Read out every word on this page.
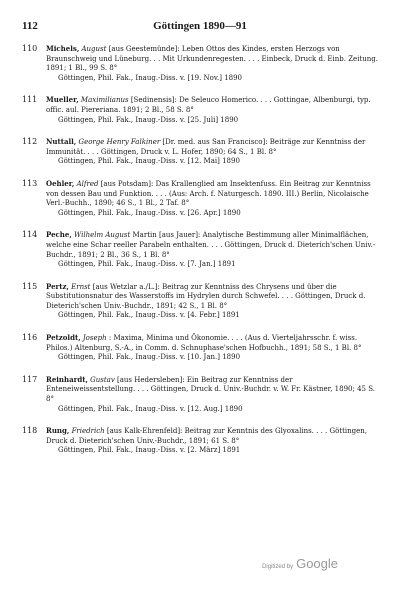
112	Göttingen 1890—91
110	Michels, August [aus Geestemünde]: Leben Ottos des Kindes, ersten Herzogs von Braunschweig und Lüneburg. . . Mit Urkundenregesten. . . . Einbeck, Druck d. Einb. Zeitung. 1891; 1 Bl., 99 S. 8°
Göttingen, Phil. Fak., Inaug.-Diss. v. [19. Nov.] 1890
111	Mueller, Maximilianus [Sedinensis]: De Seleuco Homerico. . . . Gottingae, Albenburgi, typ. offic. aul. Piereriana. 1891; 2 Bl., 58 S. 8°
Göttingen, Phil. Fak., Inaug.-Diss. v. [25. Juli] 1890
112	Nuttall, George Henry Falkiner [Dr. med. aus San Francisco]: Beiträge zur Kenntniss der Immunität. . . . Göttingen, Druck v. L. Hofer, 1890; 64 S., 1 Bl. 8°
Göttingen, Phil. Fak., Inaug.-Diss. v. [12. Mai] 1890
113	Oehler, Alfred [aus Potsdam]: Das Krallenglied am Insektenfuss. Ein Beitrag zur Kenntniss von dessen Bau und Funktion. . . . (Aus: Arch. f. Naturgesch. 1890. III.) Berlin, Nicolaische Verl.-Buchh., 1890; 46 S., 1 Bl., 2 Taf. 8°
Göttingen, Phil. Fak., Inaug.-Diss. v. [26. Apr.] 1890
114	Peche, Wilhelm August Martin [aus Jauer]: Analytische Bestimmung aller Minimalflächen, welche eine Schar reeller Parabeln enthalten. . . . Göttingen, Druck d. Dieterich'schen Univ.-Buchdr., 1891; 2 Bl., 36 S., 1 Bl. 8°
Göttingen, Phil. Fak., Inaug.-Diss. v. [7. Jan.] 1891
115	Pertz, Ernst [aus Wetzlar a./L.]: Beitrag zur Kenntniss des Chrysens und über die Substitutionsnatur des Wasserstoffs im Hydrylen durch Schwefel. . . . Göttingen, Druck d. Dieterich'schen Univ.-Buchdr., 1891; 42 S., 1 Bl. 8°
Göttingen, Phil. Fak., Inaug.-Diss. v. [4. Febr.] 1891
116	Petzoldt, Joseph : Maxima, Minima und Ökonomie. . . . (Aus d. Vierteljahrsschr. f. wiss. Philos.) Altenburg, S.-A., in Comm. d. Schnuphase'schen Hofbuchh., 1891; 58 S., 1 Bl. 8°
Göttingen, Phil. Fak., Inaug.-Diss. v. [10. Jan.] 1890
117	Reinhardt, Gustav [aus Hedersleben]: Ein Beitrag zur Kenntniss der Enteneiweissentstellung. . . . Göttingen, Druck d. Univ.-Buchdr. v. W. Fr. Kästner, 1890; 45 S. 8°
Göttingen, Phil. Fak., Inaug.-Diss. v. [12. Aug.] 1890
118	Rung, Friedrich [aus Kalk-Ehrenfeld]: Beitrag zur Kenntnis des Glyoxalins. . . . Göttingen, Druck d. Dieterich'schen Univ.-Buchdr., 1891; 61 S. 8°
Göttingen, Phil. Fak., Inaug.-Diss. v. [2. März] 1891
Digitized by Google
